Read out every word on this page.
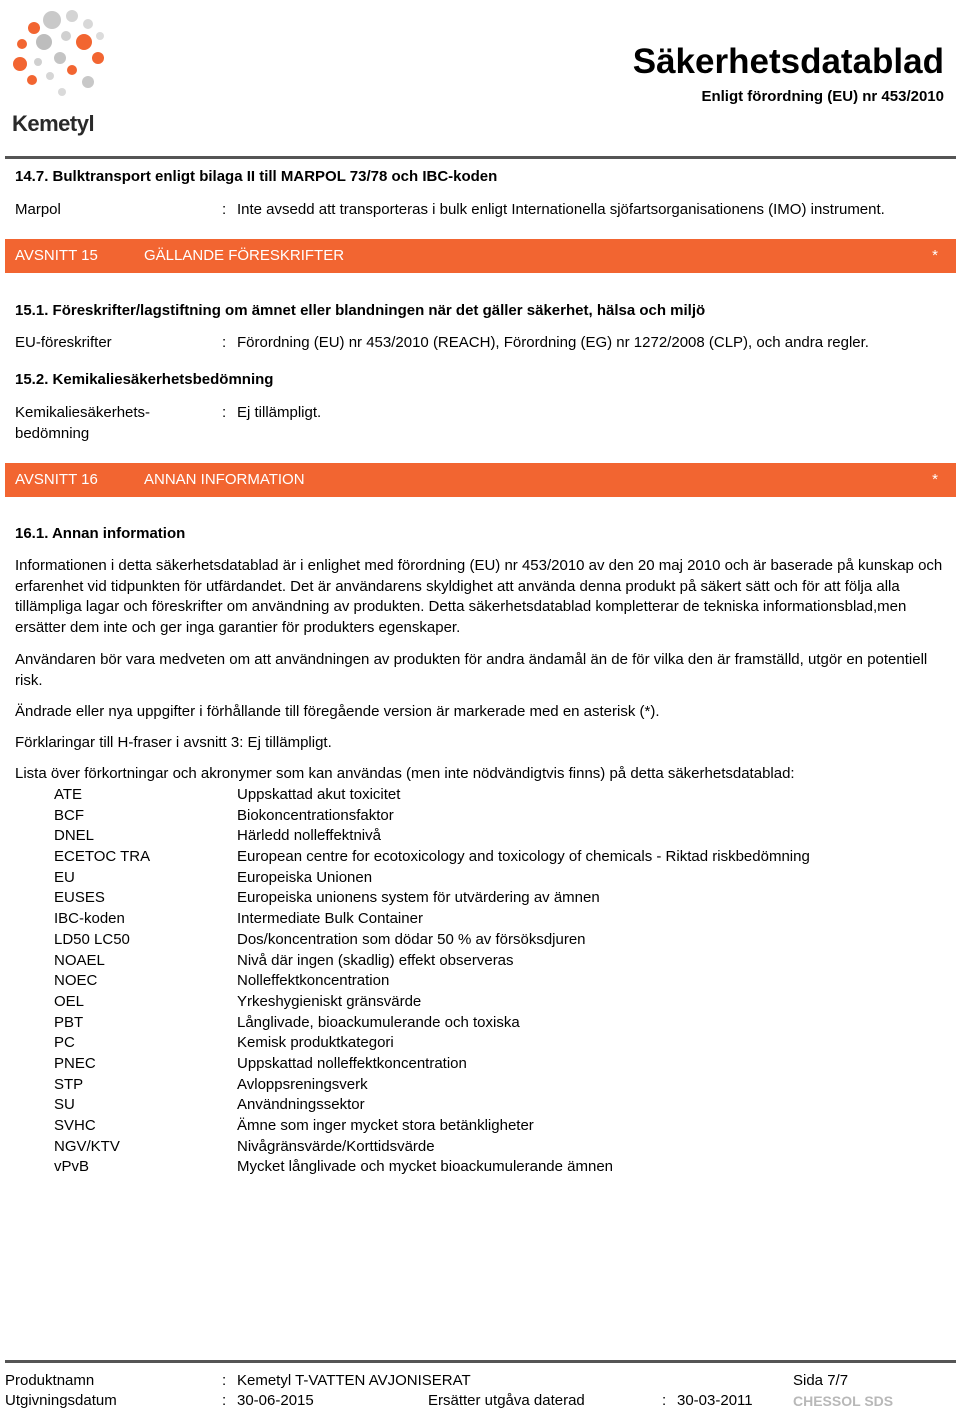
Kemetyl
Säkerhetsdatablad
Enligt förordning (EU) nr 453/2010
14.7. Bulktransport enligt bilaga II till MARPOL 73/78 och IBC-koden
Marpol	: Inte avsedd att transporteras i bulk enligt Internationella sjöfartsorganisationens (IMO) instrument.
AVSNITT 15	GÄLLANDE FÖRESKRIFTER	*
15.1. Föreskrifter/lagstiftning om ämnet eller blandningen när det gäller säkerhet, hälsa och miljö
EU-föreskrifter	: Förordning (EU) nr 453/2010 (REACH), Förordning (EG) nr 1272/2008 (CLP), och andra regler.
15.2. Kemikaliesäkerhetsbedömning
Kemikaliesäkerhets-
bedömning
: Ej tillämpligt.
AVSNITT 16	ANNAN INFORMATION	*
16.1. Annan information
Informationen i detta säkerhetsdatablad är i enlighet med förordning (EU) nr 453/2010 av den 20 maj 2010 och är baserade på kunskap och erfarenhet vid tidpunkten för utfärdandet. Det är användarens skyldighet att använda denna produkt på säkert sätt och för att följa alla tillämpliga lagar och föreskrifter om användning av produkten. Detta säkerhetsdatablad kompletterar de tekniska informationsblad,men ersätter dem inte och ger inga garantier för produkters egenskaper.
Användaren bör vara medveten om att användningen av produkten för andra ändamål än de för vilka den är framställd, utgör en potentiell risk.
Ändrade eller nya uppgifter i förhållande till föregående version är markerade med en asterisk (*).
Förklaringar till H-fraser i avsnitt 3: Ej tillämpligt.
Lista över förkortningar och akronymer som kan användas (men inte nödvändigtvis finns) på detta säkerhetsdatablad:
ATE	Uppskattad akut toxicitet
BCF	Biokoncentrationsfaktor
DNEL	Härledd nolleffektnivå
ECETOC TRA	European centre for ecotoxicology and toxicology of chemicals - Riktad riskbedömning
EU	Europeiska Unionen
EUSES	Europeiska unionens system för utvärdering av ämnen
IBC-koden	Intermediate Bulk Container
LD50 LC50	Dos/koncentration som dödar 50 % av försöksdjuren
NOAEL	Nivå där ingen (skadlig) effekt observeras
NOEC	Nolleffektkoncentration
OEL	Yrkeshygieniskt gränsvärde
PBT	Långlivade, bioackumulerande och toxiska
PC	Kemisk produktkategori
PNEC	Uppskattad nolleffektkoncentration
STP	Avloppsreningsverk
SU	Användningssektor
SVHC	Ämne som inger mycket stora betänkligheter
NGV/KTV	Nivågränsvärde/Korttidsvärde
vPvB	Mycket långlivade och mycket bioackumulerande ämnen
Produktnamn	: Kemetyl T-VATTEN AVJONISERAT	Sida 7/7
Utgivningsdatum	: 30-06-2015	Ersätter utgåva daterad	: 30-03-2011	CHESSOL SDS
